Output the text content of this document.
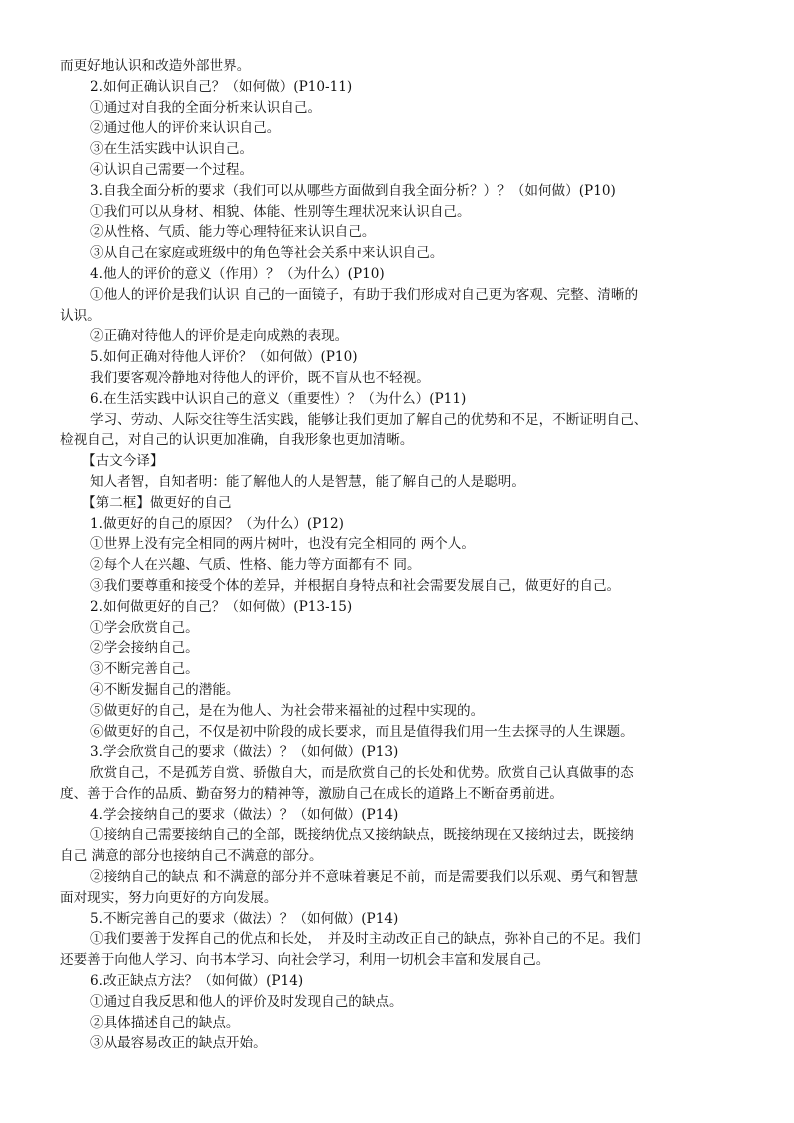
而更好地认识和改造外部世界。
2.如何正确认识自己？（如何做）(P10-11)
①通过对自我的全面分析来认识自己。
②通过他人的评价来认识自己。
③在生活实践中认识自己。
④认识自己需要一个过程。
3.自我全面分析的要求（我们可以从哪些方面做到自我全面分析？）？（如何做）(P10)
①我们可以从身材、相貌、体能、性别等生理状况来认识自己。
②从性格、气质、能力等心理特征来认识自己。
③从自己在家庭或班级中的角色等社会关系中来认识自己。
4.他人的评价的意义（作用）？（为什么）(P10)
①他人的评价是我们认识 自己的一面镜子，有助于我们形成对自己更为客观、完整、清晰的
认识。
②正确对待他人的评价是走向成熟的表现。
5.如何正确对待他人评价？（如何做）(P10)
我们要客观冷静地对待他人的评价，既不盲从也不轻视。
6.在生活实践中认识自己的意义（重要性）？（为什么）(P11)
学习、劳动、人际交往等生活实践，能够让我们更加了解自己的优势和不足，不断证明自己、
检视自己，对自己的认识更加准确，自我形象也更加清晰。
【古文今译】
知人者智，自知者明：能了解他人的人是智慧，能了解自己的人是聪明。
【第二框】做更好的自己
1.做更好的自己的原因？（为什么）(P12)
①世界上没有完全相同的两片树叶，也没有完全相同的 两个人。
②每个人在兴趣、气质、性格、能力等方面都有不 同。
③我们要尊重和接受个体的差异，并根据自身特点和社会需要发展自己，做更好的自己。
2.如何做更好的自己？（如何做）(P13-15)
①学会欣赏自己。
②学会接纳自己。
③不断完善自己。
④不断发掘自己的潜能。
⑤做更好的自己，是在为他人、为社会带来福祉的过程中实现的。
⑥做更好的自己，不仅是初中阶段的成长要求，而且是值得我们用一生去探寻的人生课题。
3.学会欣赏自己的要求（做法）？（如何做）(P13)
欣赏自己，不是孤芳自赏、骄傲自大，而是欣赏自己的长处和优势。欣赏自己认真做事的态
度、善于合作的品质、勤奋努力的精神等，激励自己在成长的道路上不断奋勇前进。
4.学会接纳自己的要求（做法）？（如何做）(P14)
①接纳自己需要接纳自己的全部，既接纳优点又接纳缺点，既接纳现在又接纳过去，既接纳
自己 满意的部分也接纳自己不满意的部分。
②接纳自己的缺点 和不满意的部分并不意味着裹足不前，而是需要我们以乐观、勇气和智慧
面对现实，努力向更好的方向发展。
5.不断完善自己的要求（做法）？（如何做）(P14)
①我们要善于发挥自己的优点和长处，　并及时主动改正自己的缺点，弥补自己的不足。我们
还要善于向他人学习、向书本学习、向社会学习，利用一切机会丰富和发展自己。
6.改正缺点方法？（如何做）(P14)
①通过自我反思和他人的评价及时发现自己的缺点。
②具体描述自己的缺点。
③从最容易改正的缺点开始。
